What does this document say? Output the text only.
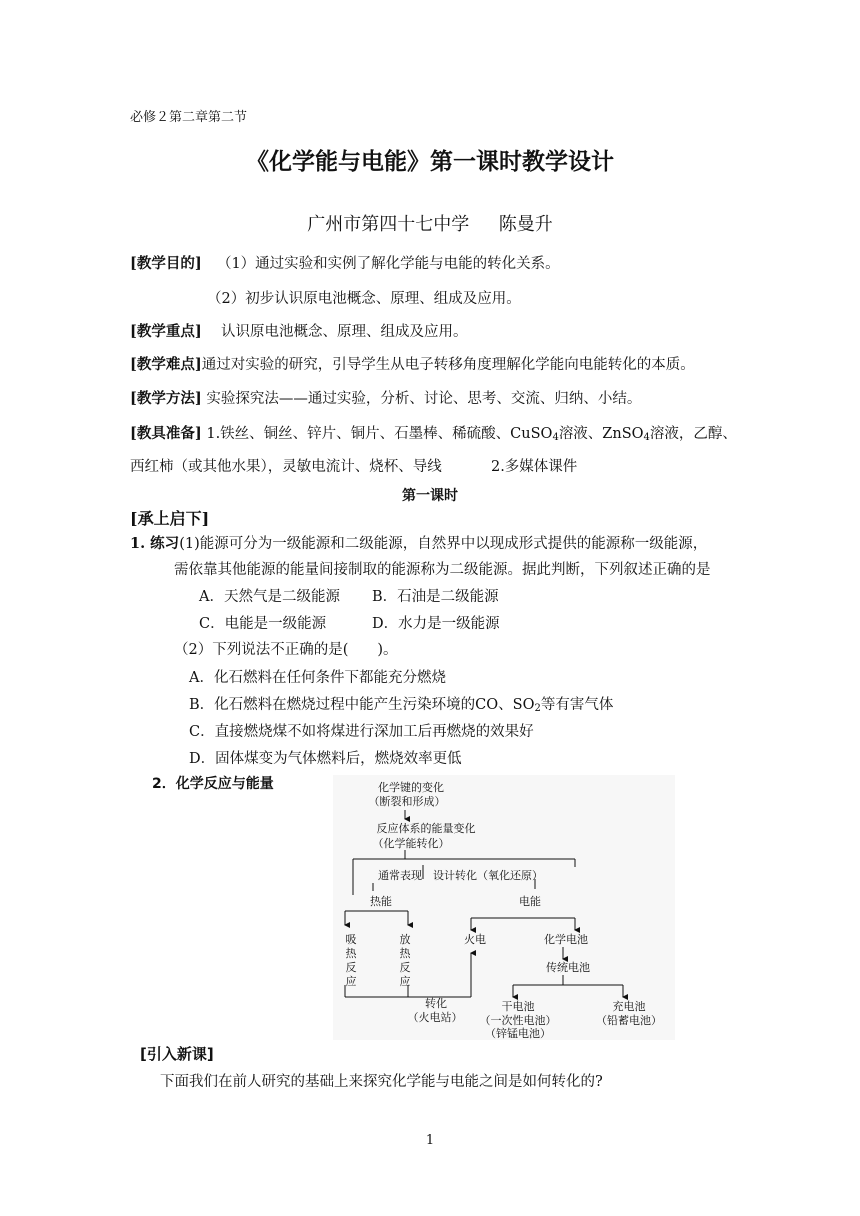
必修２第二章第二节
《化学能与电能》第一课时教学设计
广州市第四十七中学 陈曼升
[教学目的] （1）通过实验和实例了解化学能与电能的转化关系。
（2）初步认识原电池概念、原理、组成及应用。
[教学重点] 认识原电池概念、原理、组成及应用。
[教学难点]通过对实验的研究，引导学生从电子转移角度理解化学能向电能转化的本质。
[教学方法] 实验探究法——通过实验，分析、讨论、思考、交流、归纳、小结。
[教具准备] 1.铁丝、铜丝、锌片、铜片、石墨棒、稀硫酸、CuSO$_4$溶液、ZnSO$_4$溶液，乙醇、
西红柿（或其他水果），灵敏电流计、烧杯、导线	2.多媒体课件
第一课时
[承上启下]
1. 练习(1)能源可分为一级能源和二级能源，自然界中以现成形式提供的能源称一级能源，
需依靠其他能源的能量间接制取的能源称为二级能源。据此判断，下列叙述正确的是
A．天然气是二级能源 B．石油是二级能源
C．电能是一级能源	D．水力是一级能源
（2）下列说法不正确的是(　　)。
A．化石燃料在任何条件下都能充分燃烧
B．化石燃料在燃烧过程中能产生污染环境的CO、$SO_2$等有害气体
C．直接燃烧煤不如将煤进行深加工后再燃烧的效果好
D．固体煤变为气体燃料后，燃烧效率更低
2．化学反应与能量	化学键的变化
（断裂和形成）
反应体系的能量变化
（化学能转化）
通常表现 设计转化（氧化还原）
热能	电能
吸
热
反
应
放
热
反
应
火电	化学电池
传统电池
转化
（火电站）
干电池
（一次性电池）
（锌锰电池）
充电池
（铅蓄电池）
[引入新课]
下面我们在前人研究的基础上来探究化学能与电能之间是如何转化的?
1
